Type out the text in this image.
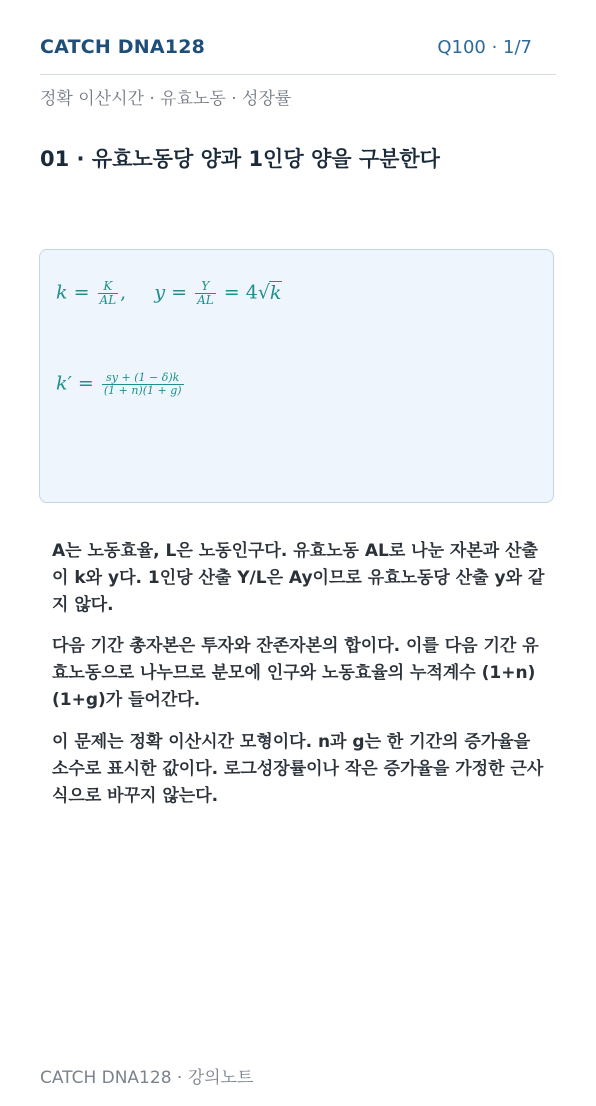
CATCH DNA128	Q100 · 1/7
정확 이산시간 · 유효노동 · 성장률
01 · 유효노동당 양과 1인당 양을 구분한다
$k = \frac{K}{AL}$ , $y = \frac{Y}{AL} = 4√k$
$k' = \frac{sy + (1 - \delta)k}{(1 + n)(1 + g)}$

A는 노동효율, L은 노동인구다. 유효노동 AL로 나눈 자본과 산출이 k와 y다. 1인당 산출 Y/L은 Ay이므로 유효노동당 산출 y와 같지 않다.

다음 기간 총자본은 투자와 잔존자본의 합이다. 이를 다음 기간 유효노동으로 나누므로 분모에 인구와 노동효율의 누적계수 (1+n)(1+g)가 들어간다.

이 문제는 정확 이산시간 모형이다. n과 g는 한 기간의 증가율을 소수로 표시한 값이다. 로그성장률이나 작은 증가율을 가정한 근사식으로 바꾸지 않는다.

CATCH DNA128 · 강의노트
